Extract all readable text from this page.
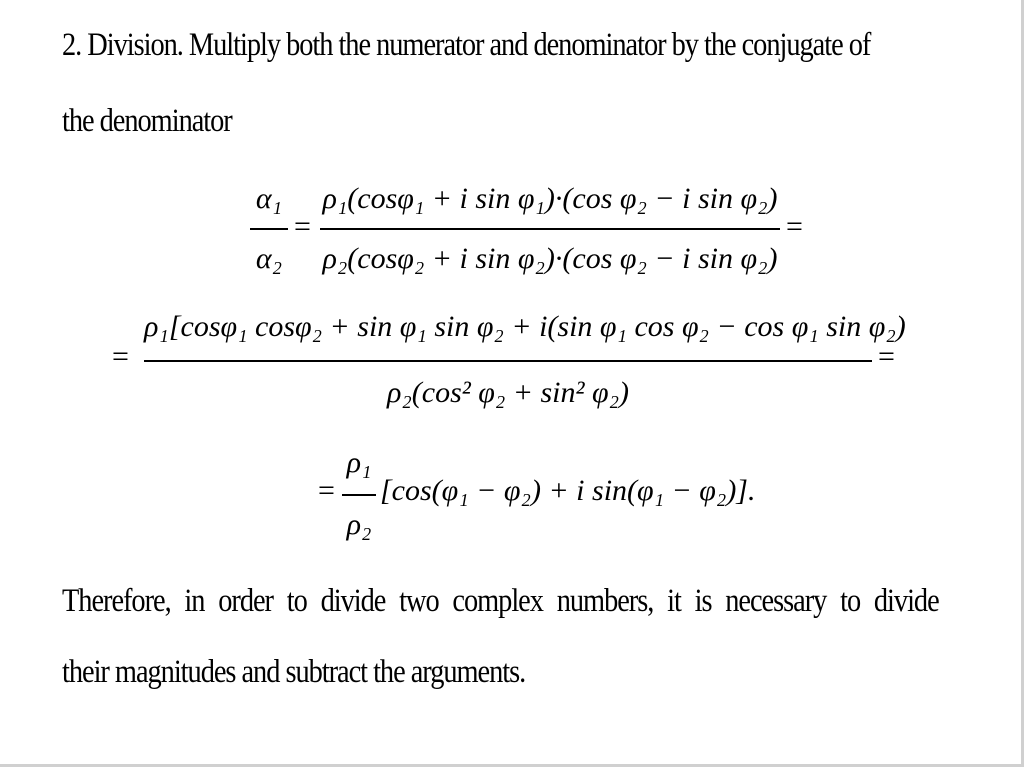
2. Division. Multiply both the numerator and denominator by the conjugate of
the denominator
α₁
α₂
=
ρ₁(cosφ₁ + i sin φ₁)·(cos φ₂ − i sin φ₂)
ρ₂(cosφ₂ + i sin φ₂)·(cos φ₂ − i sin φ₂)
=
=
ρ₁[cosφ₁ cosφ₂ + sin φ₁ sin φ₂ + i(sin φ₁ cos φ₂ − cos φ₁ sin φ₂)
ρ₂(cos² φ₂ + sin² φ₂)
=
=
ρ₁
ρ₂
[cos(φ₁ − φ₂) + i sin(φ₁ − φ₂)].
Therefore, in order to divide two complex numbers, it is necessary to divide
their magnitudes and subtract the arguments.
